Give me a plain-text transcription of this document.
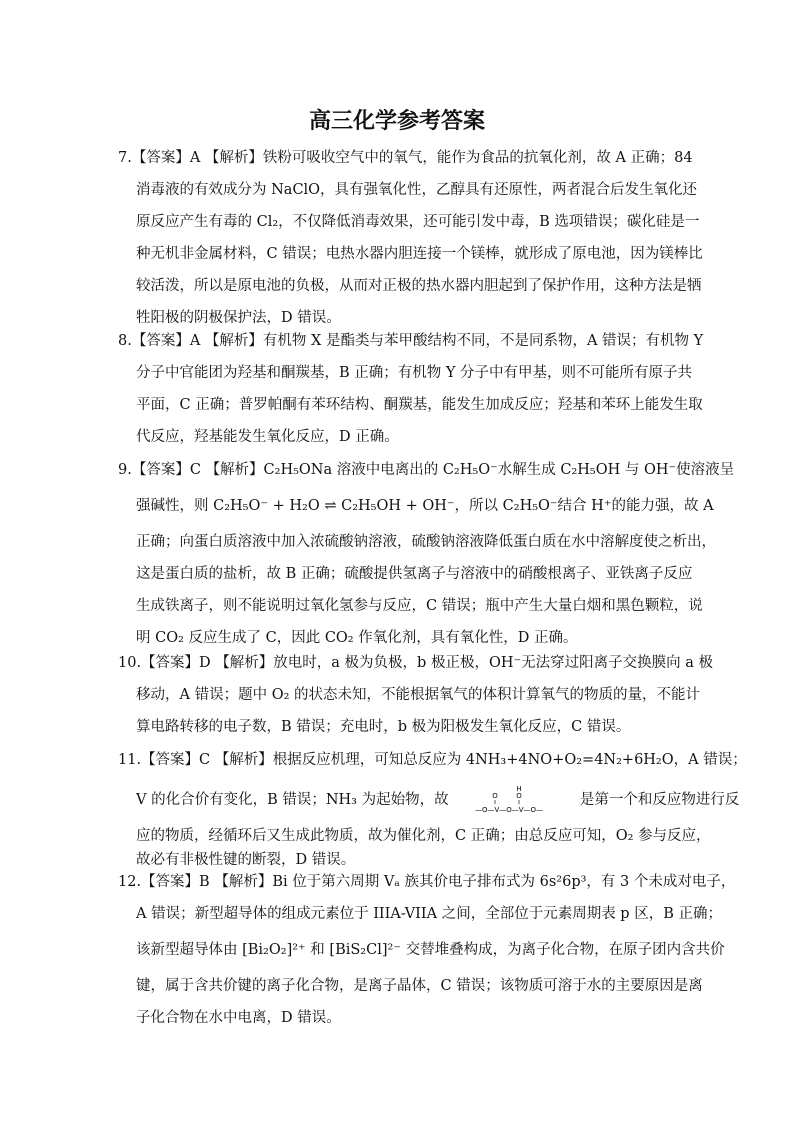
高三化学参考答案
7.【答案】A 【解析】铁粉可吸收空气中的氧气，能作为食品的抗氧化剂，故 A 正确；84
消毒液的有效成分为 NaClO，具有强氧化性，乙醇具有还原性，两者混合后发生氧化还
原反应产生有毒的 Cl₂，不仅降低消毒效果，还可能引发中毒，B 选项错误；碳化硅是一
种无机非金属材料，C 错误；电热水器内胆连接一个镁棒，就形成了原电池，因为镁棒比
较活泼，所以是原电池的负极，从而对正极的热水器内胆起到了保护作用，这种方法是牺
牲阳极的阴极保护法，D 错误。
8.【答案】A 【解析】有机物 X 是酯类与苯甲酸结构不同，不是同系物，A 错误；有机物 Y
分子中官能团为羟基和酮羰基，B 正确；有机物 Y 分子中有甲基，则不可能所有原子共
平面，C 正确；普罗帕酮有苯环结构、酮羰基，能发生加成反应；羟基和苯环上能发生取
代反应，羟基能发生氧化反应，D 正确。
9.【答案】C 【解析】C₂H₅ONa 溶液中电离出的 C₂H₅O⁻水解生成 C₂H₅OH 与 OH⁻使溶液呈
强碱性，则 C₂H₅O⁻ + H₂O ⇌ C₂H₅OH + OH⁻，所以 C₂H₅O⁻结合 H⁺的能力强，故 A
正确；向蛋白质溶液中加入浓硫酸钠溶液，硫酸钠溶液降低蛋白质在水中溶解度使之析出，
这是蛋白质的盐析，故 B 正确；硫酸提供氢离子与溶液中的硝酸根离子、亚铁离子反应
生成铁离子，则不能说明过氧化氢参与反应，C 错误；瓶中产生大量白烟和黑色颗粒，说
明 CO₂ 反应生成了 C，因此 CO₂ 作氧化剂，具有氧化性，D 正确。
10.【答案】D 【解析】放电时，a 极为负极，b 极正极，OH⁻无法穿过阳离子交换膜向 a 极
移动，A 错误；题中 O₂ 的状态未知，不能根据氧气的体积计算氧气的物质的量，不能计
算电路转移的电子数，B 错误；充电时，b 极为阳极发生氧化反应，C 错误。
11.【答案】C 【解析】根据反应机理，可知总反应为 4NH₃+4NO+O₂=4N₂+6H₂O，A 错误；
V 的化合价有变化，B 错误；NH₃ 为起始物，故
H
O	O
—O—V—O—V—O—
是第一个和反应物进行反
应的物质，经循环后又生成此物质，故为催化剂，C 正确；由总反应可知，O₂ 参与反应，
故必有非极性键的断裂，D 错误。
12.【答案】B 【解析】Bi 位于第六周期 Vₐ 族其价电子排布式为 6s²6p³，有 3 个未成对电子，
A 错误；新型超导体的组成元素位于 IIIA-VIIA 之间，全部位于元素周期表 p 区，B 正确；
该新型超导体由 [Bi₂O₂]²⁺ 和 [BiS₂Cl]²⁻ 交替堆叠构成，为离子化合物，在原子团内含共价
键，属于含共价键的离子化合物，是离子晶体，C 错误；该物质可溶于水的主要原因是离
子化合物在水中电离，D 错误。
